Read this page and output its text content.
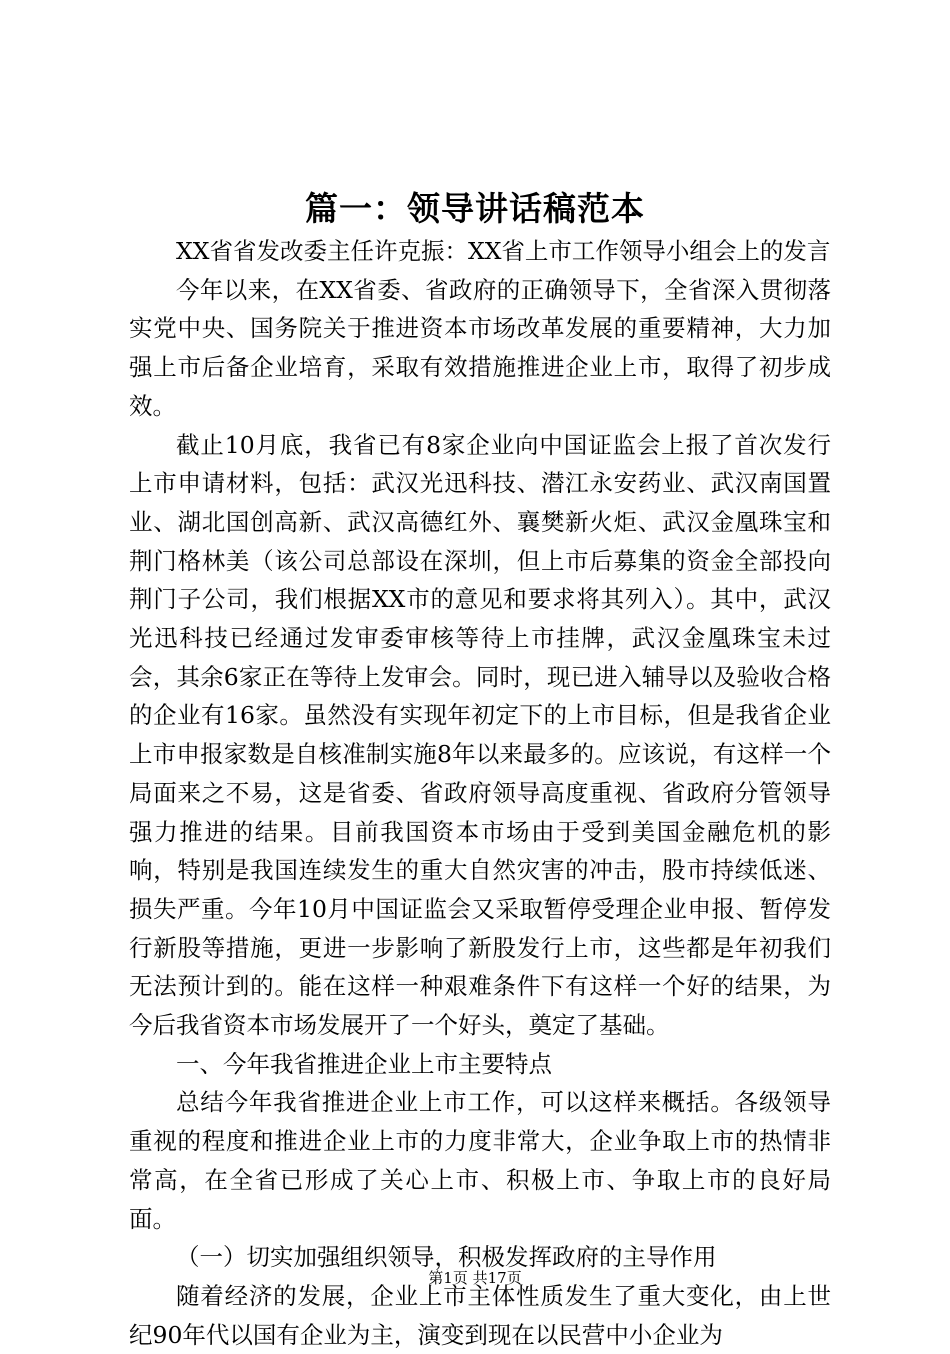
篇一：领导讲话稿范本

XX省省发改委主任许克振：XX省上市工作领导小组会上的发言

今年以来，在XX省委、省政府的正确领导下，全省深入贯彻落实党中央、国务院关于推进资本市场改革发展的重要精神，大力加强上市后备企业培育，采取有效措施推进企业上市，取得了初步成效。

截止10月底，我省已有8家企业向中国证监会上报了首次发行上市申请材料，包括：武汉光迅科技、潜江永安药业、武汉南国置业、湖北国创高新、武汉高德红外、襄樊新火炬、武汉金凰珠宝和荆门格林美（该公司总部设在深圳，但上市后募集的资金全部投向荆门子公司，我们根据XX市的意见和要求将其列入）。其中，武汉光迅科技已经通过发审委审核等待上市挂牌，武汉金凰珠宝未过会，其余6家正在等待上发审会。同时，现已进入辅导以及验收合格的企业有16家。虽然没有实现年初定下的上市目标，但是我省企业上市申报家数是自核准制实施8年以来最多的。应该说，有这样一个局面来之不易，这是省委、省政府领导高度重视、省政府分管领导强力推进的结果。目前我国资本市场由于受到美国金融危机的影响，特别是我国连续发生的重大自然灾害的冲击，股市持续低迷、损失严重。今年10月中国证监会又采取暂停受理企业申报、暂停发行新股等措施，更进一步影响了新股发行上市，这些都是年初我们无法预计到的。能在这样一种艰难条件下有这样一个好的结果，为今后我省资本市场发展开了一个好头，奠定了基础。

一、今年我省推进企业上市主要特点

总结今年我省推进企业上市工作，可以这样来概括。各级领导重视的程度和推进企业上市的力度非常大，企业争取上市的热情非常高，在全省已形成了关心上市、积极上市、争取上市的良好局面。

（一）切实加强组织领导，积极发挥政府的主导作用

随着经济的发展，企业上市主体性质发生了重大变化，由上世纪90年代以国有企业为主，演变到现在以民营中小企业为

第1页 共17页
